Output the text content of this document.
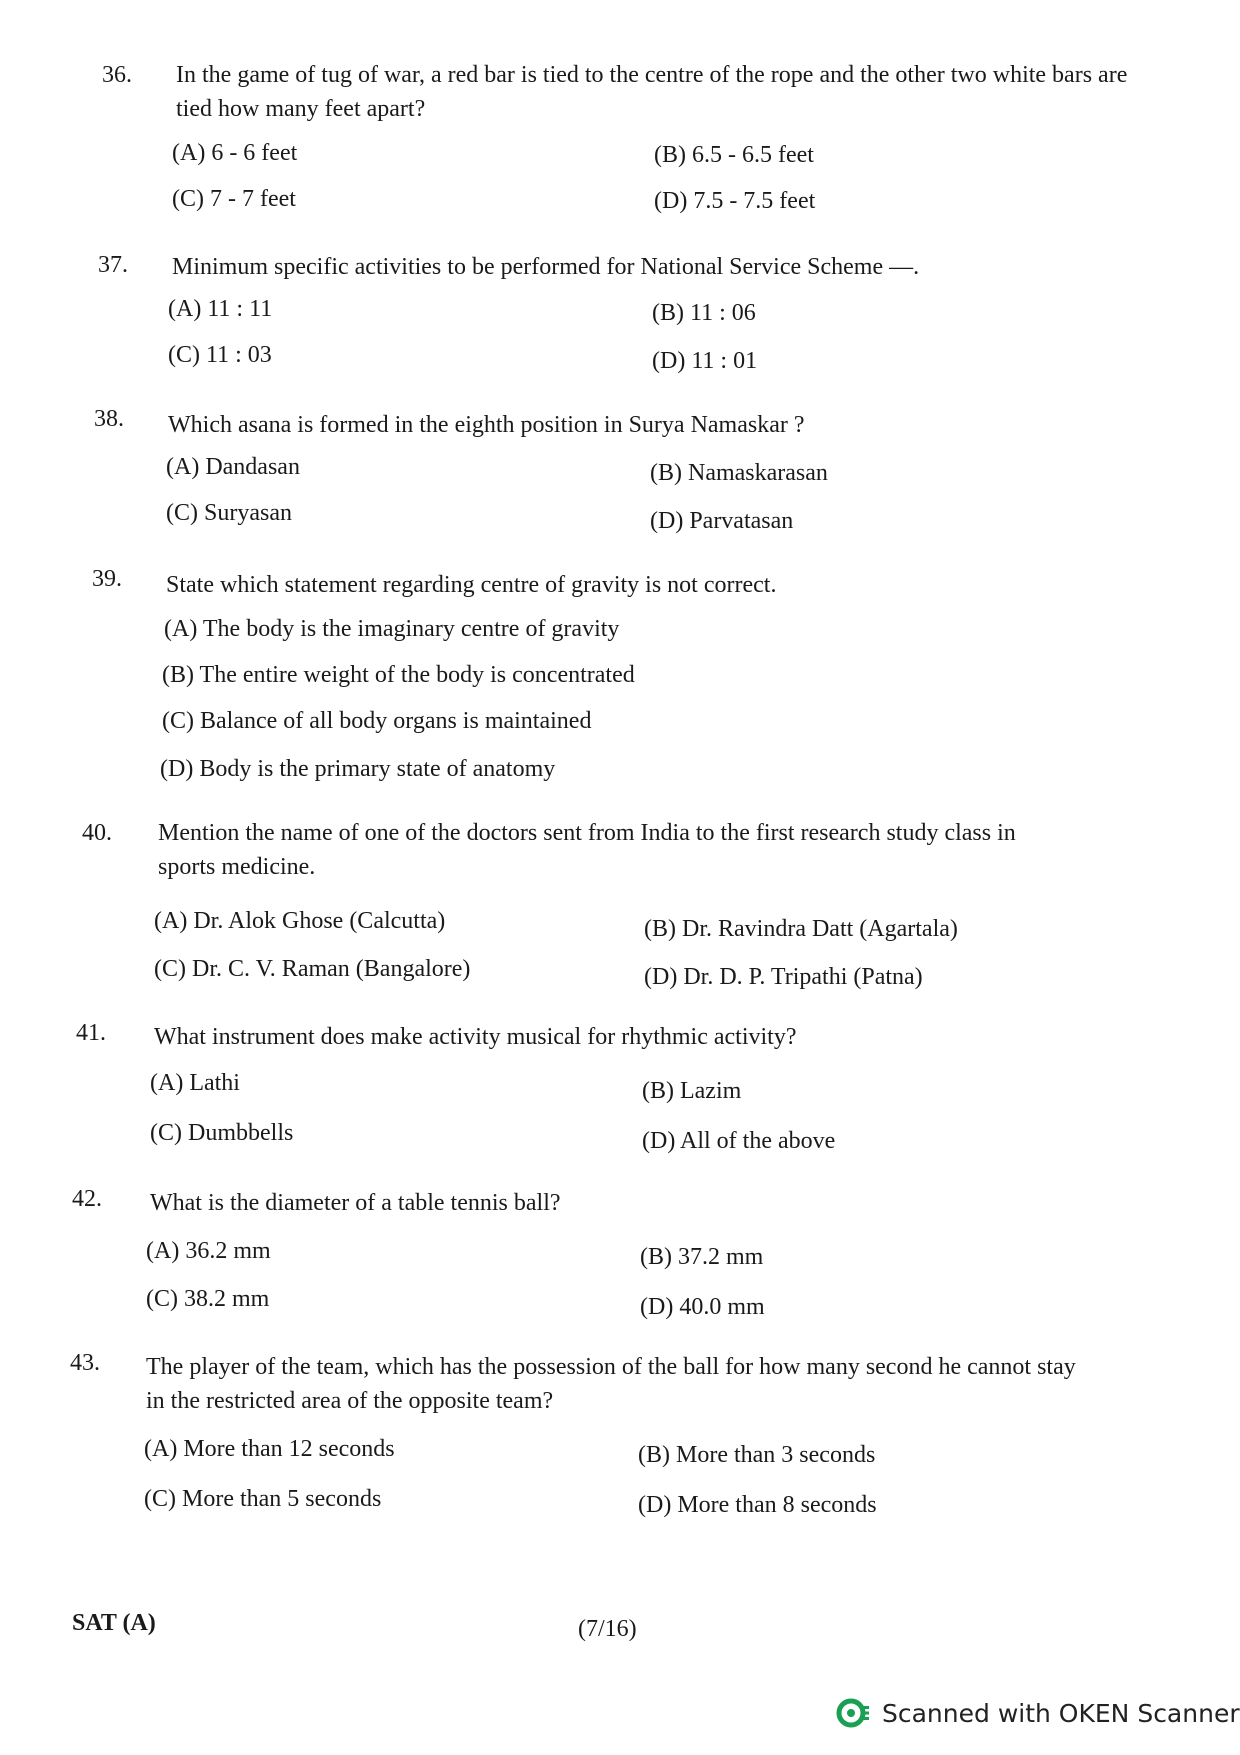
36. In the game of tug of war, a red bar is tied to the centre of the rope and the other two white bars are tied how many feet apart?
(A) 6 - 6 feet	(B) 6.5 - 6.5 feet
(C) 7 - 7 feet	(D) 7.5 - 7.5 feet
37. Minimum specific activities to be performed for National Service Scheme —.
(A) 11 : 11	(B) 11 : 06
(C) 11 : 03	(D) 11 : 01
38. Which asana is formed in the eighth position in Surya Namaskar ?
(A) Dandasan	(B) Namaskarasan
(C) Suryasan	(D) Parvatasan
39. State which statement regarding centre of gravity is not correct.
(A) The body is the imaginary centre of gravity
(B) The entire weight of the body is concentrated
(C) Balance of all body organs is maintained
(D) Body is the primary state of anatomy
40. Mention the name of one of the doctors sent from India to the first research study class in sports medicine.
(A) Dr. Alok Ghose (Calcutta)	(B) Dr. Ravindra Datt (Agartala)
(C) Dr. C. V. Raman (Bangalore)	(D) Dr. D. P. Tripathi (Patna)
41. What instrument does make activity musical for rhythmic activity?
(A) Lathi	(B) Lazim
(C) Dumbbells	(D) All of the above
42. What is the diameter of a table tennis ball?
(A) 36.2 mm	(B) 37.2 mm
(C) 38.2 mm	(D) 40.0 mm
43. The player of the team, which has the possession of the ball for how many second he cannot stay in the restricted area of the opposite team?
(A) More than 12 seconds	(B) More than 3 seconds
(C) More than 5 seconds	(D) More than 8 seconds
SAT (A)	(7/16)
Scanned with OKEN Scanner
